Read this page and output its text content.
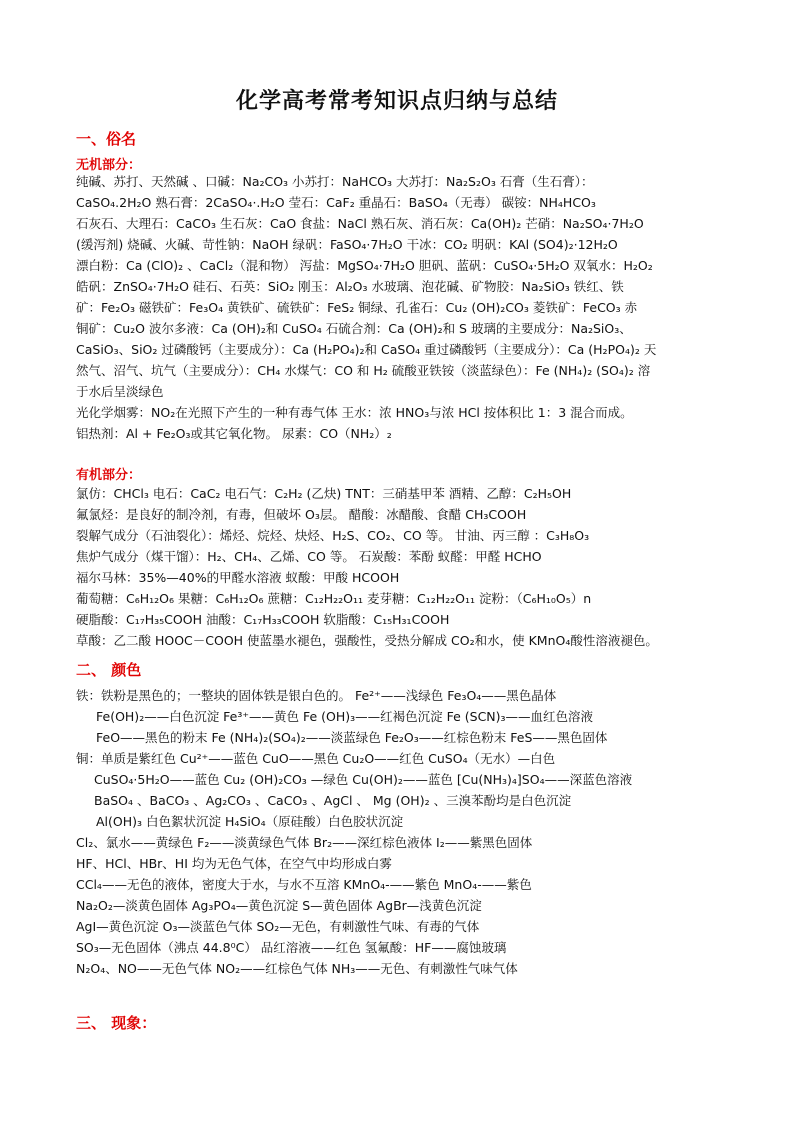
化学高考常考知识点归纳与总结
一、俗名
无机部分：
纯碱、苏打、天然碱 、口碱：Na₂CO₃ 小苏打：NaHCO₃ 大苏打：Na₂S₂O₃ 石膏（生石膏）：
CaSO₄.2H₂O 熟石膏：2CaSO₄·.H₂O 莹石：CaF₂ 重晶石：BaSO₄（无毒） 碳铵：NH₄HCO₃
石灰石、大理石：CaCO₃ 生石灰：CaO 食盐：NaCl 熟石灰、消石灰：Ca(OH)₂ 芒硝：Na₂SO₄·7H₂O
(缓泻剂) 烧碱、火碱、苛性钠：NaOH 绿矾：FaSO₄·7H₂O 干冰：CO₂ 明矾：KAl (SO4)₂·12H₂O
漂白粉：Ca (ClO)₂ 、CaCl₂（混和物） 泻盐：MgSO₄·7H₂O 胆矾、蓝矾：CuSO₄·5H₂O 双氧水：H₂O₂
皓矾：ZnSO₄·7H₂O 硅石、石英：SiO₂ 刚玉：Al₂O₃ 水玻璃、泡花碱、矿物胶：Na₂SiO₃ 铁红、铁
矿：Fe₂O₃ 磁铁矿：Fe₃O₄ 黄铁矿、硫铁矿：FeS₂ 铜绿、孔雀石：Cu₂ (OH)₂CO₃ 菱铁矿：FeCO₃ 赤
铜矿：Cu₂O 波尔多液：Ca (OH)₂和 CuSO₄ 石硫合剂：Ca (OH)₂和 S 玻璃的主要成分：Na₂SiO₃、
CaSiO₃、SiO₂ 过磷酸钙（主要成分）：Ca (H₂PO₄)₂和 CaSO₄ 重过磷酸钙（主要成分）：Ca (H₂PO₄)₂ 天
然气、沼气、坑气（主要成分）：CH₄ 水煤气：CO 和 H₂ 硫酸亚铁铵（淡蓝绿色）：Fe (NH₄)₂ (SO₄)₂ 溶
于水后呈淡绿色
光化学烟雾：NO₂在光照下产生的一种有毒气体 王水：浓 HNO₃与浓 HCl 按体积比 1：3 混合而成。
铝热剂：Al + Fe₂O₃或其它氧化物。 尿素：CO（NH₂）₂
有机部分：
氯仿：CHCl₃ 电石：CaC₂ 电石气：C₂H₂ (乙炔) TNT：三硝基甲苯 酒精、乙醇：C₂H₅OH
氟氯烃：是良好的制冷剂，有毒，但破坏 O₃层。 醋酸：冰醋酸、食醋 CH₃COOH
裂解气成分（石油裂化）：烯烃、烷烃、炔烃、H₂S、CO₂、CO 等。 甘油、丙三醇 ：C₃H₈O₃
焦炉气成分（煤干馏）：H₂、CH₄、乙烯、CO 等。 石炭酸：苯酚 蚁醛：甲醛 HCHO
福尔马林：35%—40%的甲醛水溶液 蚁酸：甲酸 HCOOH
葡萄糖：C₆H₁₂O₆ 果糖：C₆H₁₂O₆ 蔗糖：C₁₂H₂₂O₁₁ 麦芽糖：C₁₂H₂₂O₁₁ 淀粉：（C₆H₁₀O₅）n
硬脂酸：C₁₇H₃₅COOH 油酸：C₁₇H₃₃COOH 软脂酸：C₁₅H₃₁COOH
草酸：乙二酸 HOOC－COOH 使蓝墨水褪色，强酸性，受热分解成 CO₂和水，使 KMnO₄酸性溶液褪色。
二、 颜色
铁：铁粉是黑色的；一整块的固体铁是银白色的。 Fe²⁺——浅绿色 Fe₃O₄——黑色晶体
Fe(OH)₂——白色沉淀 Fe³⁺——黄色 Fe (OH)₃——红褐色沉淀 Fe (SCN)₃——血红色溶液
FeO——黑色的粉末 Fe (NH₄)₂(SO₄)₂——淡蓝绿色 Fe₂O₃——红棕色粉末 FeS——黑色固体
铜：单质是紫红色 Cu²⁺——蓝色 CuO——黑色 Cu₂O——红色 CuSO₄（无水）—白色
CuSO₄·5H₂O——蓝色 Cu₂ (OH)₂CO₃ —绿色 Cu(OH)₂——蓝色 [Cu(NH₃)₄]SO₄——深蓝色溶液
BaSO₄ 、BaCO₃ 、Ag₂CO₃ 、CaCO₃ 、AgCl 、 Mg (OH)₂ 、三溴苯酚均是白色沉淀
Al(OH)₃ 白色絮状沉淀 H₄SiO₄（原硅酸）白色胶状沉淀
Cl₂、氯水——黄绿色 F₂——淡黄绿色气体 Br₂——深红棕色液体 I₂——紫黑色固体
HF、HCl、HBr、HI 均为无色气体，在空气中均形成白雾
CCl₄——无色的液体，密度大于水，与水不互溶 KMnO₄-——紫色 MnO₄-——紫色
Na₂O₂—淡黄色固体 Ag₃PO₄—黄色沉淀 S—黄色固体 AgBr—浅黄色沉淀
AgI—黄色沉淀 O₃—淡蓝色气体 SO₂—无色，有刺激性气味、有毒的气体
SO₃—无色固体（沸点 44.8⁰C） 品红溶液——红色 氢氟酸：HF——腐蚀玻璃
N₂O₄、NO——无色气体 NO₂——红棕色气体 NH₃——无色、有刺激性气味气体
三、 现象：
